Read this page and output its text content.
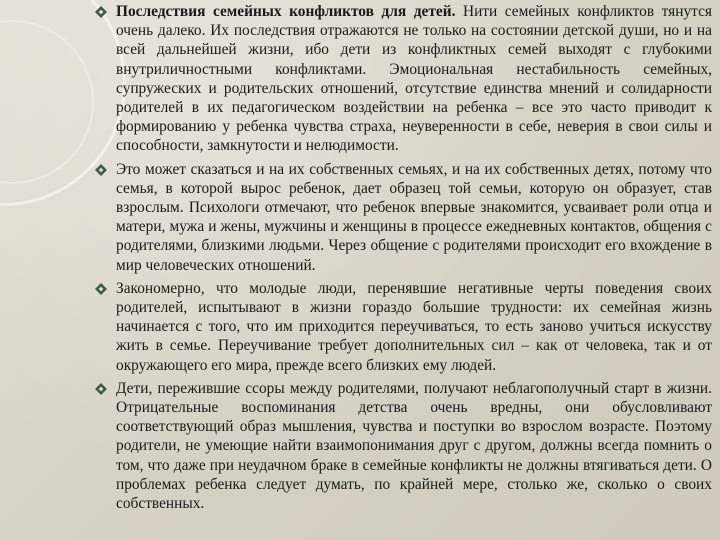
Последствия семейных конфликтов для детей. Нити семейных конфликтов тянутся очень далеко. Их последствия отражаются не только на состоянии детской души, но и на всей дальнейшей жизни, ибо дети из конфликтных семей выходят с глубокими внутриличностными конфликтами. Эмоциональная нестабильность семейных, супружеских и родительских отношений, отсутствие единства мнений и солидарности родителей в их педагогическом воздействии на ребенка – все это часто приводит к формированию у ребенка чувства страха, неуверенности в себе, неверия в свои силы и способности, замкнутости и нелюдимости.
Это может сказаться и на их собственных семьях, и на их собственных детях, потому что семья, в которой вырос ребенок, дает образец той семьи, которую он образует, став взрослым. Психологи отмечают, что ребенок впервые знакомится, усваивает роли отца и матери, мужа и жены, мужчины и женщины в процессе ежедневных контактов, общения с родителями, близкими людьми. Через общение с родителями происходит его вхождение в мир человеческих отношений.
Закономерно, что молодые люди, перенявшие негативные черты поведения своих родителей, испытывают в жизни гораздо большие трудности: их семейная жизнь начинается с того, что им приходится переучиваться, то есть заново учиться искусству жить в семье. Переучивание требует дополнительных сил – как от человека, так и от окружающего его мира, прежде всего близких ему людей.
Дети, пережившие ссоры между родителями, получают неблагополучный старт в жизни. Отрицательные воспоминания детства очень вредны, они обусловливают соответствующий образ мышления, чувства и поступки во взрослом возрасте. Поэтому родители, не умеющие найти взаимопонимания друг с другом, должны всегда помнить о том, что даже при неудачном браке в семейные конфликты не должны втягиваться дети. О проблемах ребенка следует думать, по крайней мере, столько же, сколько о своих собственных.
